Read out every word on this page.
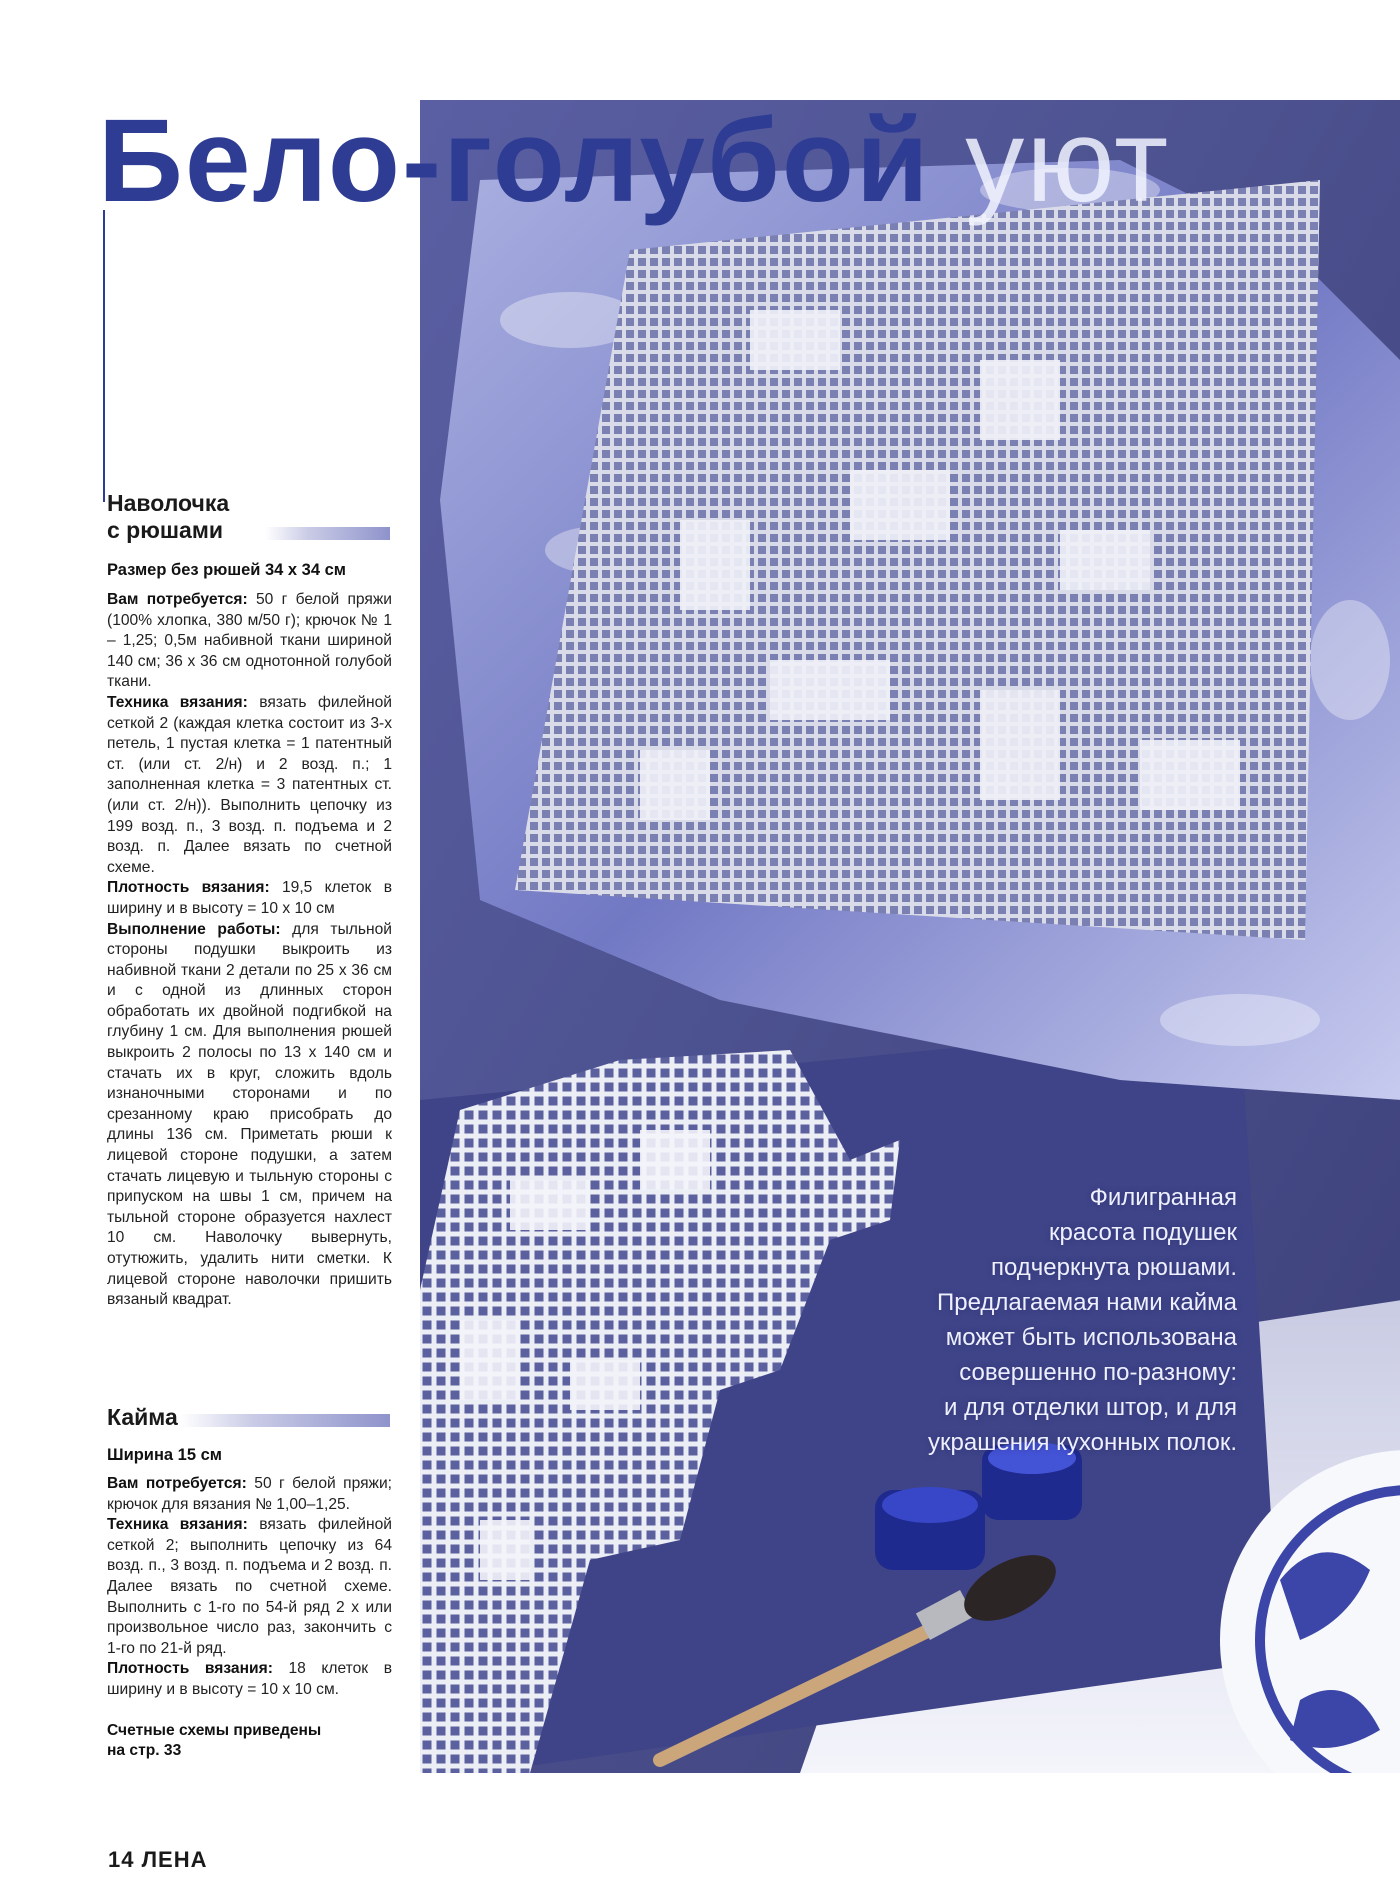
Бело-голубой уют
Наволочка
с рюшами
Размер без рюшей 34 х 34 см

Вам потребуется: 50 г белой пряжи (100% хлопка, 380 м/50 г); крючок № 1 – 1,25; 0,5м набивной ткани шириной 140 см; 36 х 36 см однотонной голубой ткани.

Техника вязания: вязать филейной сеткой 2 (каждая клетка состоит из 3-х петель, 1 пустая клетка = 1 патентный ст. (или ст. 2/н) и 2 возд. п.; 1 заполненная клетка = 3 патентных ст. (или ст. 2/н)). Выполнить цепочку из 199 возд. п., 3 возд. п. подъема и 2 возд. п. Далее вязать по счетной схеме.

Плотность вязания: 19,5 клеток в ширину и в высоту = 10 х 10 см

Выполнение работы: для тыльной стороны подушки выкроить из набивной ткани 2 детали по 25 х 36 см и с одной из длинных сторон обработать их двойной подгибкой на глубину 1 см. Для выполнения рюшей выкроить 2 полосы по 13 х 140 см и стачать их в круг, сложить вдоль изнаночными сторонами и по срезанному краю присобрать до длины 136 см. Приметать рюши к лицевой стороне подушки, а затем стачать лицевую и тыльную стороны с припуском на швы 1 см, причем на тыльной стороне образуется нахлест 10 см. Наволочку вывернуть, отутюжить, удалить нити сметки. К лицевой стороне наволочки пришить вязаный квадрат.

Кайма
Ширина 15 см

Вам потребуется: 50 г белой пряжи; крючок для вязания № 1,00–1,25.

Техника вязания: вязать филейной сеткой 2; выполнить цепочку из 64 возд. п., 3 возд. п. подъема и 2 возд. п. Далее вязать по счетной схеме. Выполнить с 1-го по 54-й ряд 2 х или произвольное число раз, закончить с 1-го по 21-й ряд.

Плотность вязания: 18 клеток в ширину и в высоту = 10 х 10 см.

Счетные схемы приведены
на стр. 33

Филигранная
красота подушек
подчеркнута рюшами.
Предлагаемая нами кайма
может быть использована
совершенно по-разному:
и для отделки штор, и для
украшения кухонных полок.
14 ЛЕНА
